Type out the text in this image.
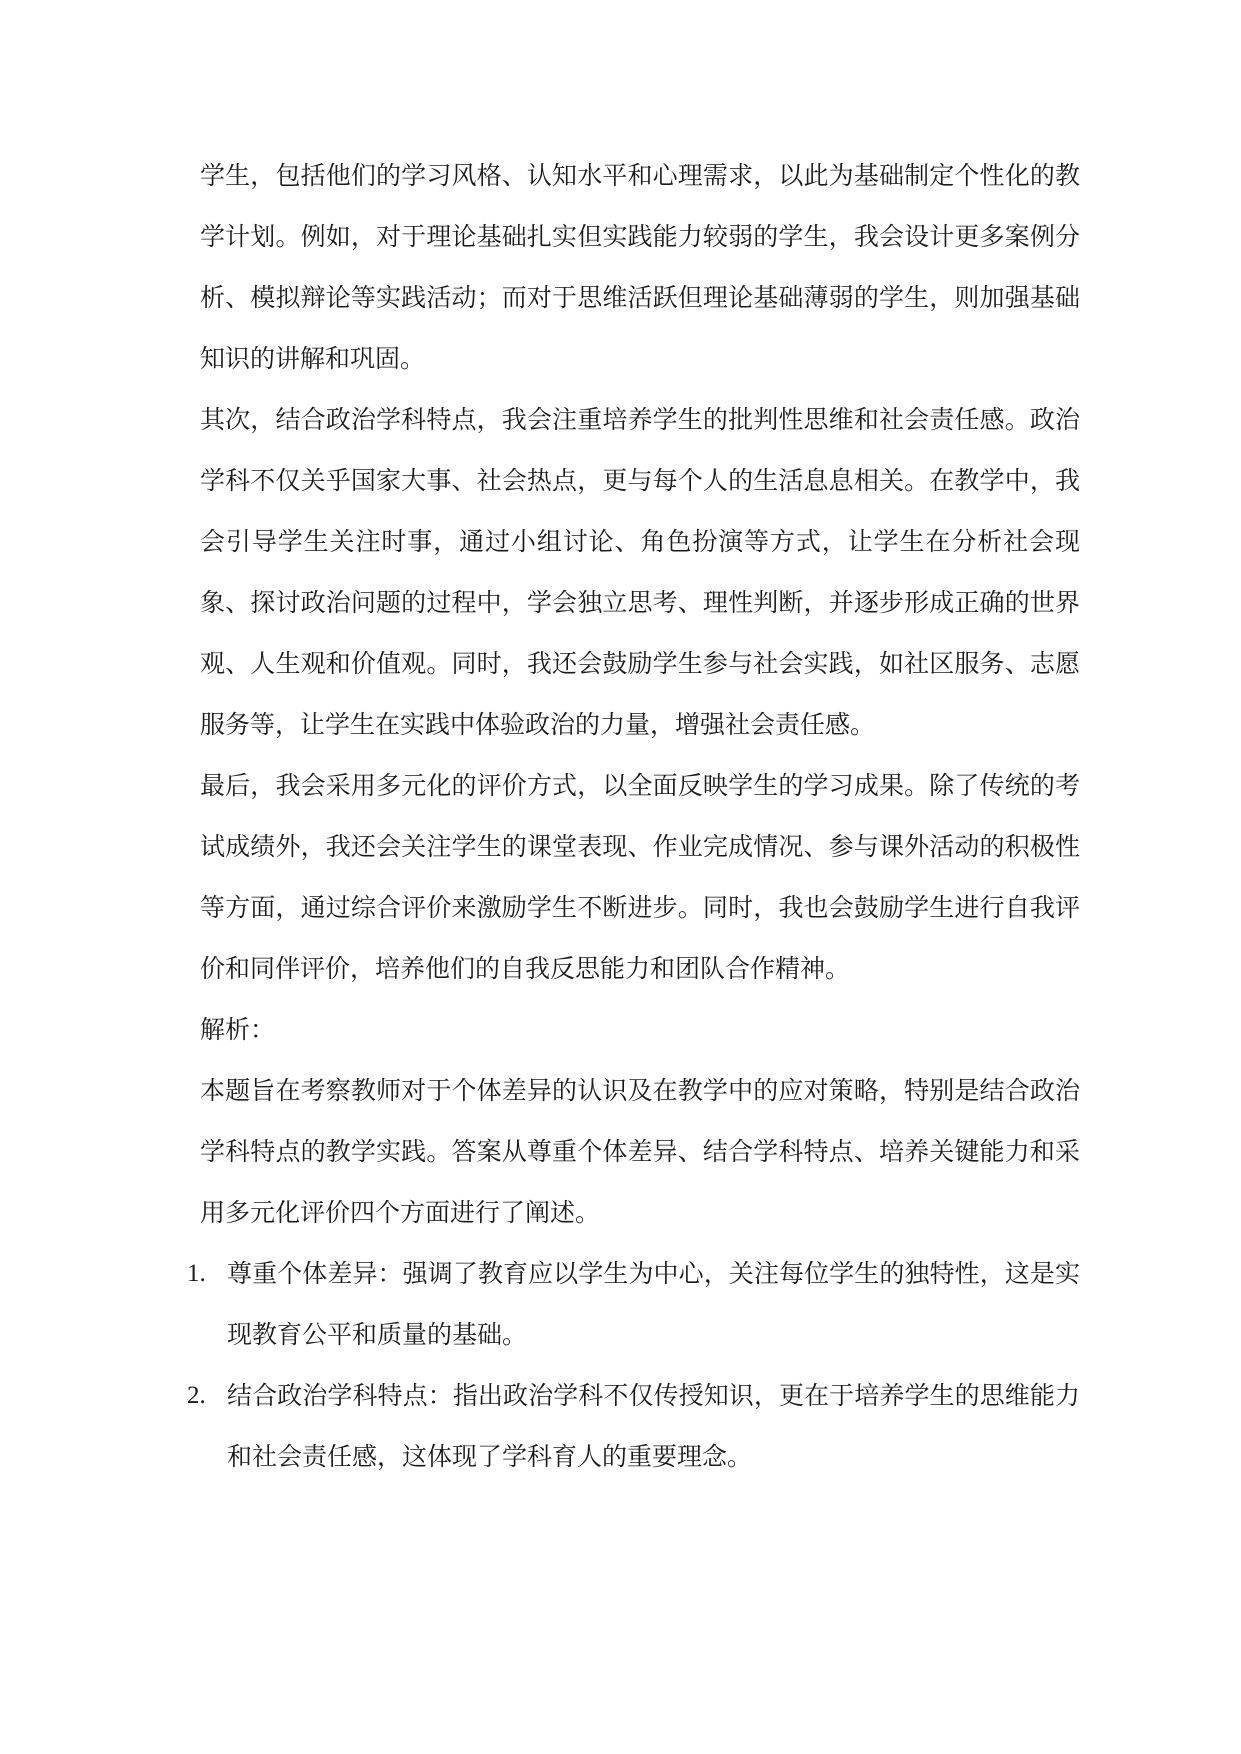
学生，包括他们的学习风格、认知水平和心理需求，以此为基础制定个性化的教学计划。例如，对于理论基础扎实但实践能力较弱的学生，我会设计更多案例分析、模拟辩论等实践活动；而对于思维活跃但理论基础薄弱的学生，则加强基础知识的讲解和巩固。

其次，结合政治学科特点，我会注重培养学生的批判性思维和社会责任感。政治学科不仅关乎国家大事、社会热点，更与每个人的生活息息相关。在教学中，我会引导学生关注时事，通过小组讨论、角色扮演等方式，让学生在分析社会现象、探讨政治问题的过程中，学会独立思考、理性判断，并逐步形成正确的世界观、人生观和价值观。同时，我还会鼓励学生参与社会实践，如社区服务、志愿服务等，让学生在实践中体验政治的力量，增强社会责任感。

最后，我会采用多元化的评价方式，以全面反映学生的学习成果。除了传统的考试成绩外，我还会关注学生的课堂表现、作业完成情况、参与课外活动的积极性等方面，通过综合评价来激励学生不断进步。同时，我也会鼓励学生进行自我评价和同伴评价，培养他们的自我反思能力和团队合作精神。

解析：

本题旨在考察教师对于个体差异的认识及在教学中的应对策略，特别是结合政治学科特点的教学实践。答案从尊重个体差异、结合学科特点、培养关键能力和采用多元化评价四个方面进行了阐述。

1. 尊重个体差异：强调了教育应以学生为中心，关注每位学生的独特性，这是实现教育公平和质量的基础。
2. 结合政治学科特点：指出政治学科不仅传授知识，更在于培养学生的思维能力和社会责任感，这体现了学科育人的重要理念。
